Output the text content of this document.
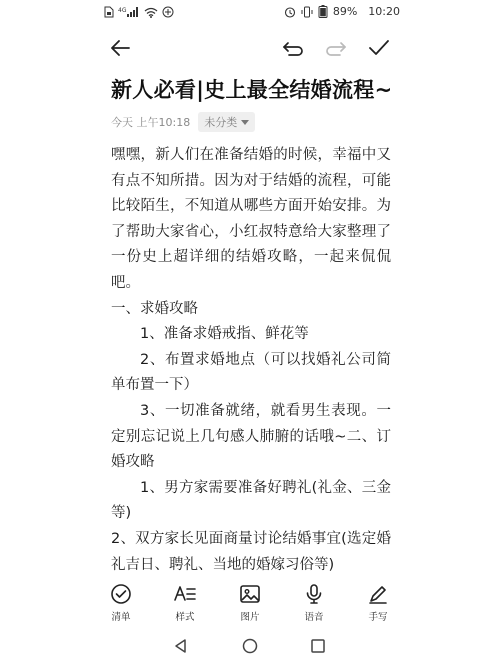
4G	89% 10:20
新人必看|史上最全结婚流程~
今天 上午10:18 未分类

嘿嘿，新人们在准备结婚的时候，幸福中又有点不知所措。因为对于结婚的流程，可能比较陌生，不知道从哪些方面开始安排。为了帮助大家省心，小红叔特意给大家整理了一份史上超详细的结婚攻略，一起来侃侃吧。

一、求婚攻略

1、准备求婚戒指、鲜花等

2、布置求婚地点（可以找婚礼公司简单布置一下）

3、一切准备就绪，就看男生表现。一定别忘记说上几句感人肺腑的话哦~二、订婚攻略

1、男方家需要准备好聘礼(礼金、三金等)

2、双方家长见面商量讨论结婚事宜(选定婚礼吉日、聘礼、当地的婚嫁习俗等)

清单	样式	图片	语音	手写
